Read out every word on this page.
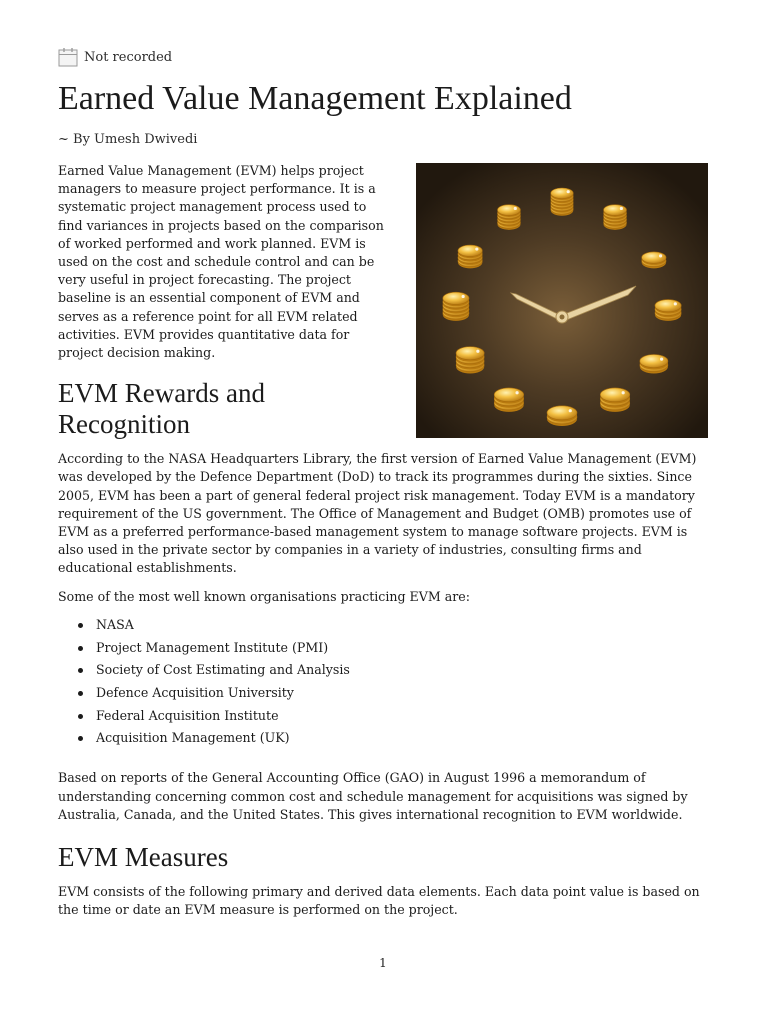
Not recorded
Earned Value Management Explained
~ By Umesh Dwivedi

Earned Value Management (EVM) helps project managers to measure project performance. It is a systematic project management process used to find variances in projects based on the comparison of worked performed and work planned. EVM is used on the cost and schedule control and can be very useful in project forecasting. The project baseline is an essential component of EVM and serves as a reference point for all EVM related activities. EVM provides quantitative data for project decision making.

EVM Rewards and Recognition

According to the NASA Headquarters Library, the first version of Earned Value Management (EVM) was developed by the Defence Department (DoD) to track its programmes during the sixties. Since 2005, EVM has been a part of general federal project risk management. Today EVM is a mandatory requirement of the US government. The Office of Management and Budget (OMB) promotes use of EVM as a preferred performance-based management system to manage software projects. EVM is also used in the private sector by companies in a variety of industries, consulting firms and educational establishments.

Some of the most well known organisations practicing EVM are:

NASA
Project Management Institute (PMI)
Society of Cost Estimating and Analysis
Defence Acquisition University
Federal Acquisition Institute
Acquisition Management (UK)

Based on reports of the General Accounting Office (GAO) in August 1996 a memorandum of understanding concerning common cost and schedule management for acquisitions was signed by Australia, Canada, and the United States. This gives international recognition to EVM worldwide.

EVM Measures

EVM consists of the following primary and derived data elements. Each data point value is based on the time or date an EVM measure is performed on the project.

1
